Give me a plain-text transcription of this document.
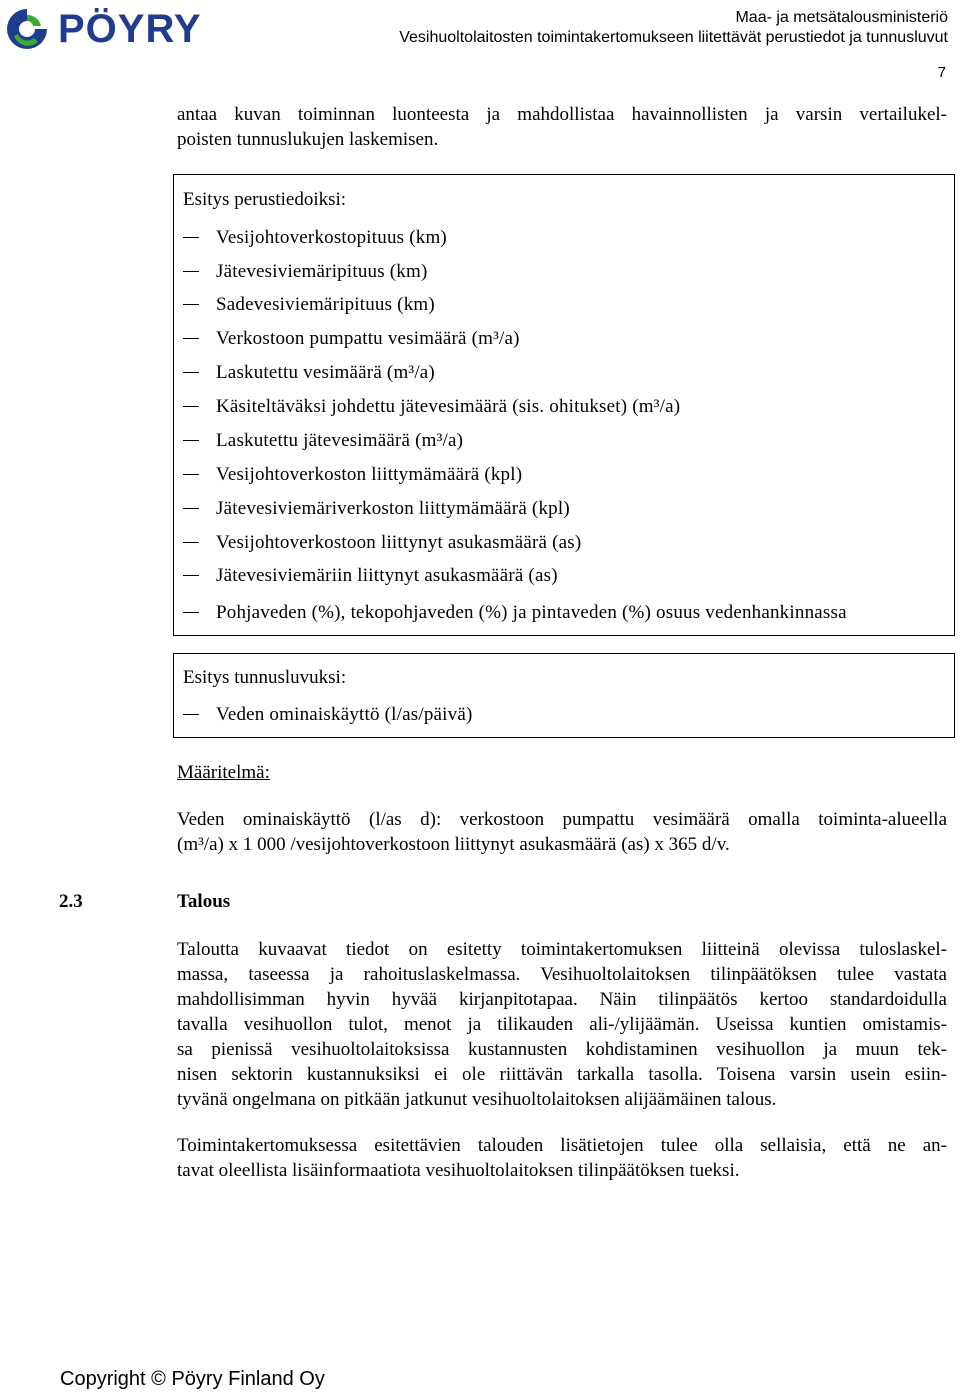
PÖYRY	Maa- ja metsätalousministeriö
Vesihuoltolaitosten toimintakertomukseen liitettävät perustiedot ja tunnusluvut
7
antaa kuvan toiminnan luonteesta ja mahdollistaa havainnollisten ja varsin vertailukel-
poisten tunnuslukujen laskemisen.
Esitys perustiedoiksi:
Vesijohtoverkostopituus (km)
Jätevesiviemäripituus (km)
Sadevesiviemäripituus (km)
Verkostoon pumpattu vesimäärä (m³/a)
Laskutettu vesimäärä (m³/a)
Käsiteltäväksi johdettu jätevesimäärä (sis. ohitukset) (m³/a)
Laskutettu jätevesimäärä (m³/a)
Vesijohtoverkoston liittymämäärä (kpl)
Jätevesiviemäriverkoston liittymämäärä (kpl)
Vesijohtoverkostoon liittynyt asukasmäärä (as)
Jätevesiviemäriin liittynyt asukasmäärä (as)
Pohjaveden (%), tekopohjaveden (%) ja pintaveden (%) osuus vedenhankinnassa
Esitys tunnusluvuksi:
Veden ominaiskäyttö (l/as/päivä)
Määritelmä:
Veden ominaiskäyttö (l/as d): verkostoon pumpattu vesimäärä omalla toiminta-alueella
(m³/a) x 1 000 /vesijohtoverkostoon liittynyt asukasmäärä (as) x 365 d/v.
2.3	Talous
Taloutta kuvaavat tiedot on esitetty toimintakertomuksen liitteinä olevissa tuloslaskel-
massa, taseessa ja rahoituslaskelmassa. Vesihuoltolaitoksen tilinpäätöksen tulee vastata
mahdollisimman hyvin hyvää kirjanpitotapaa. Näin tilinpäätös kertoo standardoidulla
tavalla vesihuollon tulot, menot ja tilikauden ali-/ylijäämän. Useissa kuntien omistamis-
sa pienissä vesihuoltolaitoksissa kustannusten kohdistaminen vesihuollon ja muun tek-
nisen sektorin kustannuksiksi ei ole riittävän tarkalla tasolla. Toisena varsin usein esiin-
tyvänä ongelmana on pitkään jatkunut vesihuoltolaitoksen alijäämäinen talous.
Toimintakertomuksessa esitettävien talouden lisätietojen tulee olla sellaisia, että ne an-
tavat oleellista lisäinformaatiota vesihuoltolaitoksen tilinpäätöksen tueksi.
Copyright © Pöyry Finland Oy
